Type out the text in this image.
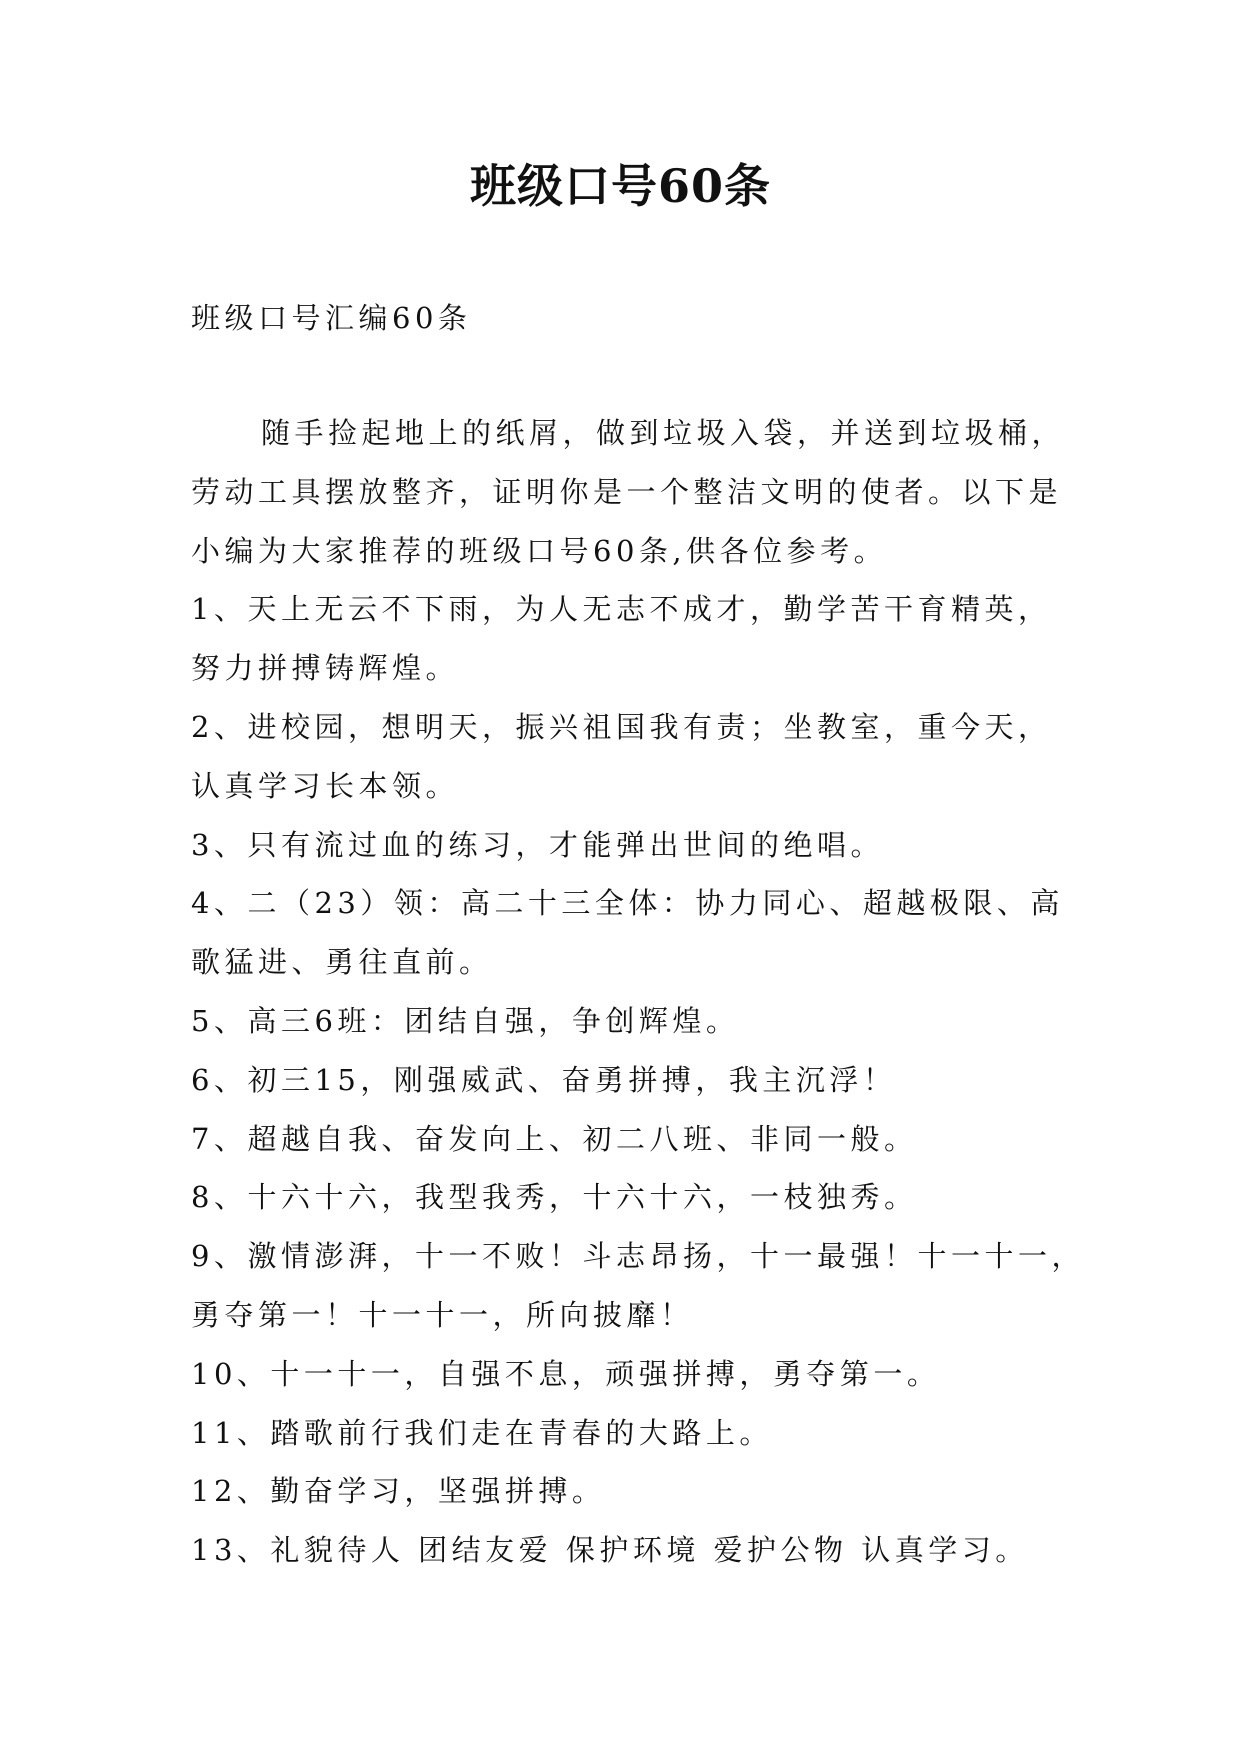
班级口号60条
班级口号汇编60条
随手捡起地上的纸屑，做到垃圾入袋，并送到垃圾桶，
劳动工具摆放整齐，证明你是一个整洁文明的使者。以下是
小编为大家推荐的班级口号60条,供各位参考。
1、天上无云不下雨，为人无志不成才，勤学苦干育精英，
努力拼搏铸辉煌。
2、进校园，想明天，振兴祖国我有责；坐教室，重今天，
认真学习长本领。
3、只有流过血的练习，才能弹出世间的绝唱。
4、二（23）领：高二十三全体：协力同心、超越极限、高
歌猛进、勇往直前。
5、高三6班：团结自强，争创辉煌。
6、初三15，刚强威武、奋勇拼搏，我主沉浮！
7、超越自我、奋发向上、初二八班、非同一般。
8、十六十六，我型我秀，十六十六，一枝独秀。
9、激情澎湃，十一不败！斗志昂扬，十一最强！十一十一，
勇夺第一！十一十一，所向披靡！
10、十一十一，自强不息，顽强拼搏，勇夺第一。
11、踏歌前行我们走在青春的大路上。
12、勤奋学习，坚强拼搏。
13、礼貌待人 团结友爱 保护环境 爱护公物 认真学习。
